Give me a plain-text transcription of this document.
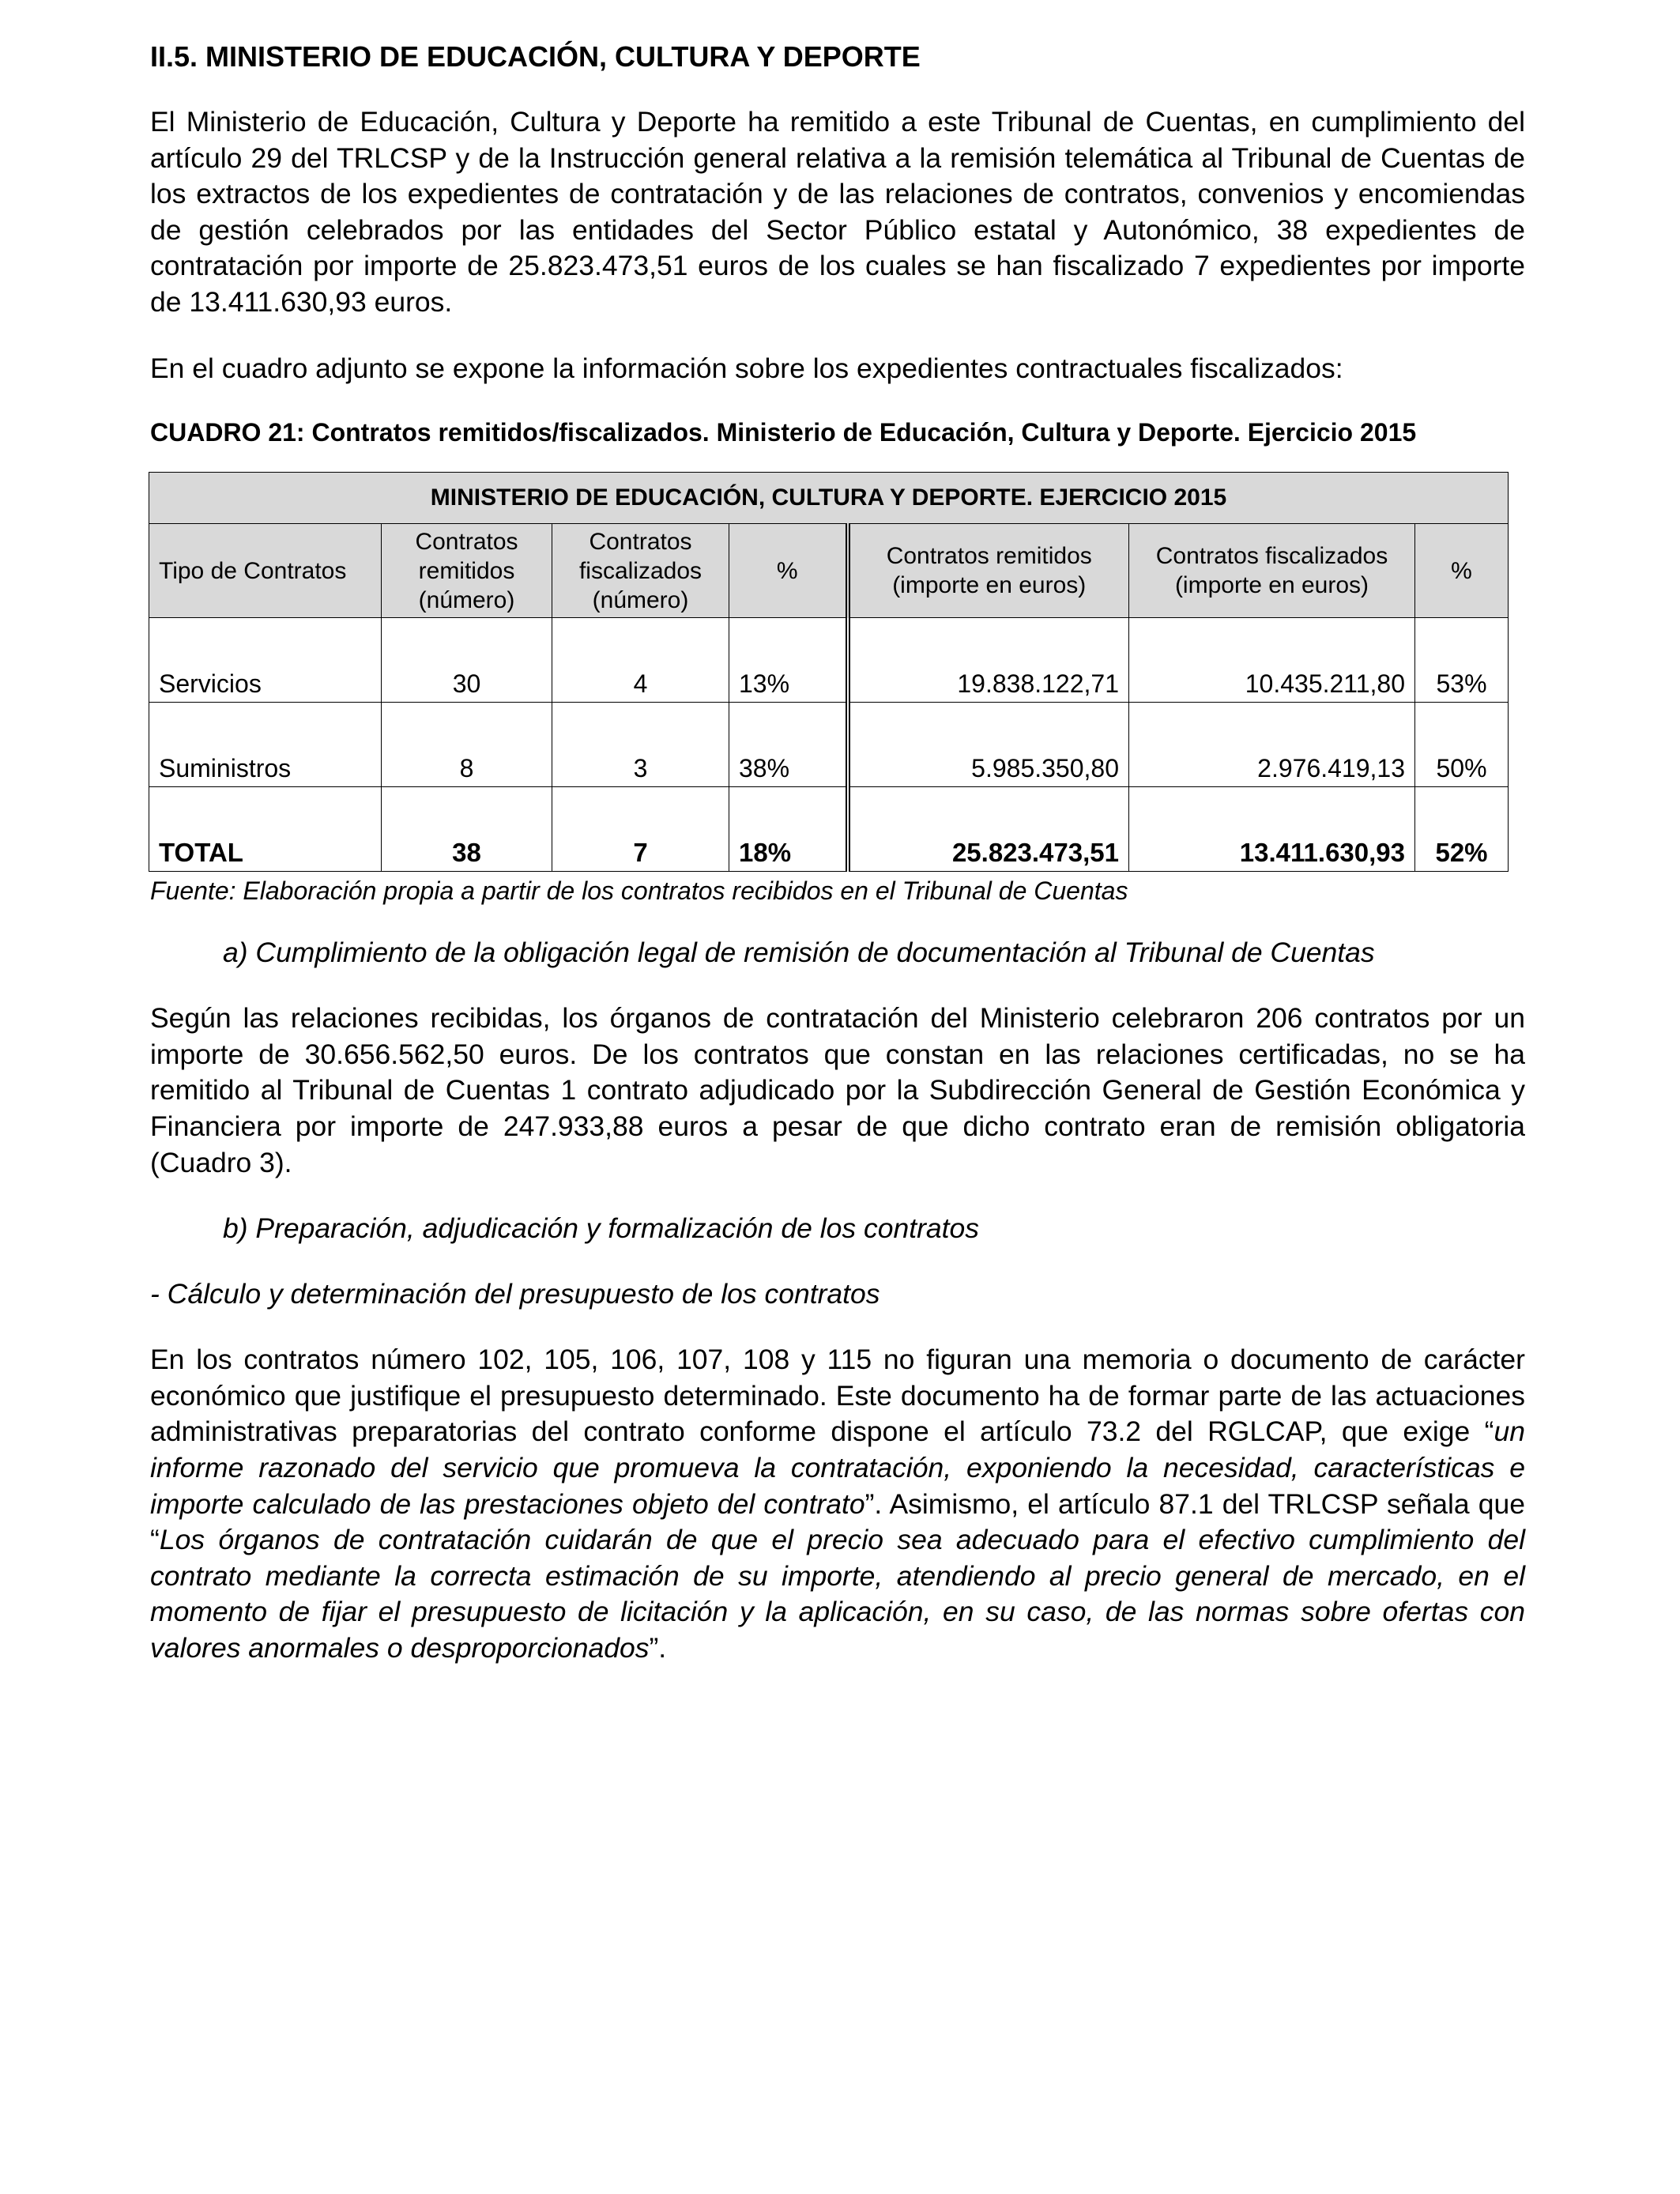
II.5. MINISTERIO DE EDUCACIÓN, CULTURA Y DEPORTE

El Ministerio de Educación, Cultura y Deporte ha remitido a este Tribunal de Cuentas, en cumplimiento del artículo 29 del TRLCSP y de la Instrucción general relativa a la remisión telemática al Tribunal de Cuentas de los extractos de los expedientes de contratación y de las relaciones de contratos, convenios y encomiendas de gestión celebrados por las entidades del Sector Público estatal y Autonómico, 38 expedientes de contratación por importe de 25.823.473,51 euros de los cuales se han fiscalizado 7 expedientes por importe de 13.411.630,93 euros.

En el cuadro adjunto se expone la información sobre los expedientes contractuales fiscalizados:

CUADRO 21: Contratos remitidos/fiscalizados. Ministerio de Educación, Cultura y Deporte. Ejercicio 2015

MINISTERIO DE EDUCACIÓN, CULTURA Y DEPORTE. EJERCICIO 2015						
Tipo de Contratos	Contratos remitidos (número)	Contratos fiscalizados (número)	%	Contratos remitidos (importe en euros)	Contratos fiscalizados (importe en euros)	%
Servicios	30	4	13%	19.838.122,71	10.435.211,80	53%
Suministros	8	3	38%	5.985.350,80	2.976.419,13	50%
TOTAL	38	7	18%	25.823.473,51	13.411.630,93	52%

Fuente: Elaboración propia a partir de los contratos recibidos en el Tribunal de Cuentas

a) Cumplimiento de la obligación legal de remisión de documentación al Tribunal de Cuentas

Según las relaciones recibidas, los órganos de contratación del Ministerio celebraron 206 contratos por un importe de 30.656.562,50 euros. De los contratos que constan en las relaciones certificadas, no se ha remitido al Tribunal de Cuentas 1 contrato adjudicado por la Subdirección General de Gestión Económica y Financiera por importe de 247.933,88 euros a pesar de que dicho contrato eran de remisión obligatoria (Cuadro 3).

b) Preparación, adjudicación y formalización de los contratos

- Cálculo y determinación del presupuesto de los contratos

En los contratos número 102, 105, 106, 107, 108 y 115 no figuran una memoria o documento de carácter económico que justifique el presupuesto determinado. Este documento ha de formar parte de las actuaciones administrativas preparatorias del contrato conforme dispone el artículo 73.2 del RGLCAP, que exige “un informe razonado del servicio que promueva la contratación, exponiendo la necesidad, características e importe calculado de las prestaciones objeto del contrato”. Asimismo, el artículo 87.1 del TRLCSP señala que “Los órganos de contratación cuidarán de que el precio sea adecuado para el efectivo cumplimiento del contrato mediante la correcta estimación de su importe, atendiendo al precio general de mercado, en el momento de fijar el presupuesto de licitación y la aplicación, en su caso, de las normas sobre ofertas con valores anormales o desproporcionados”.
